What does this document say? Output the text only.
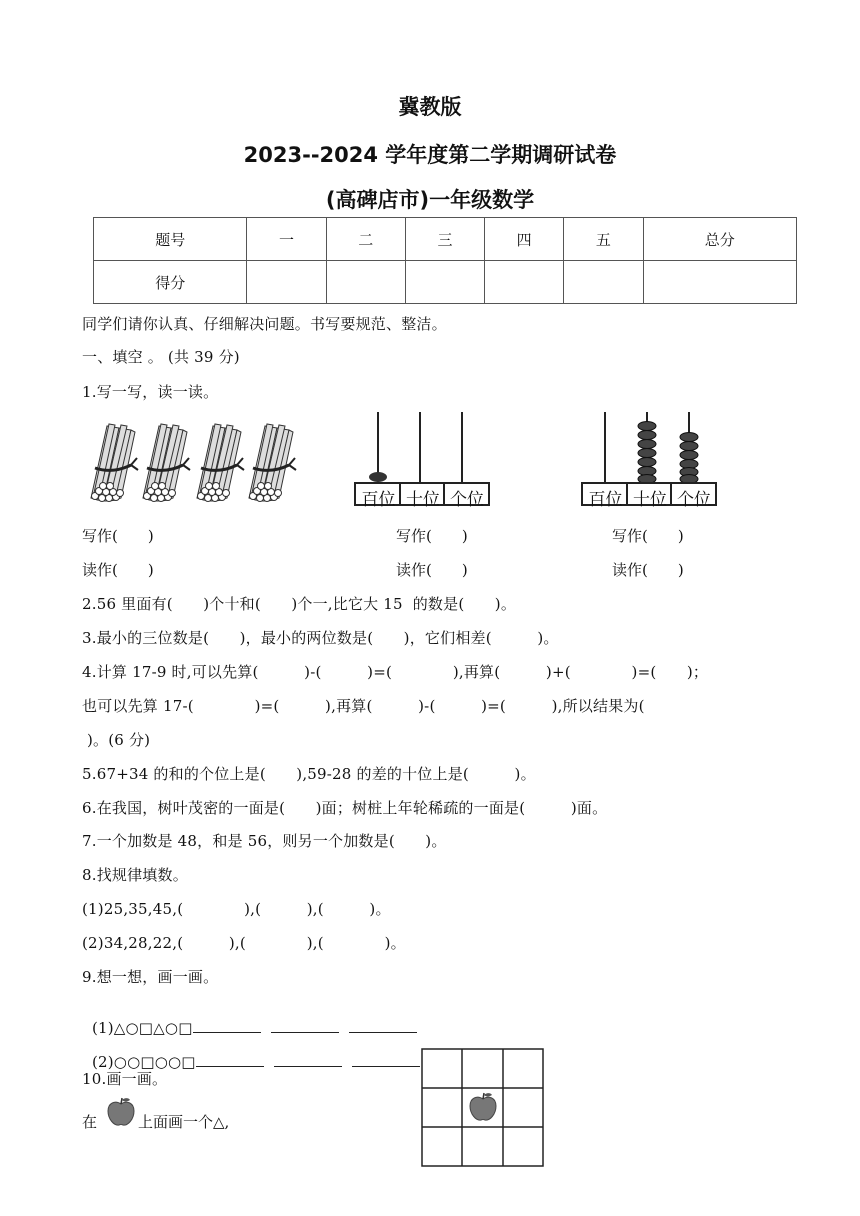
冀教版
2023--2024 学年度第二学期调研试卷
(高碑店市)一年级数学
题号	一	二	三	四	五	总分
得分						
同学们请你认真、仔细解决问题。书写要规范、整洁。
一、填空 。 (共 39 分)
1.写一写，读一读。
百位 十位 个位	百位 十位 个位
写作(　　)	写作(　　)	写作(　　)
读作(　　)	读作(　　)	读作(　　)
2.56 里面有(　　)个十和(　　)个一,比它大 15  的数是(　　)。
3.最小的三位数是(　　)，最小的两位数是(　　)，它们相差(　　　)。
4.计算 17-9 时,可以先算(　　　)-(　　　)=(　　　　),再算(　　　)+(　　　　)=(　　)；
也可以先算 17-(　　　　)=(　　　),再算(　　　)-(　　　)=(　　　),所以结果为(
)。(6 分)
5.67+34 的和的个位上是(　　),59-28 的差的十位上是(　　　)。
6.在我国，树叶茂密的一面是(　　)面；树桩上年轮稀疏的一面是(　　　)面。
7.一个加数是 48，和是 56，则另一个加数是(　　)。
8.找规律填数。
(1)25,35,45,(　　　　),(　　　),(　　　)。
(2)34,28,22,(　　　),(　　　　),(　　　　)。
9.想一想，画一画。

(1)△○□△○□

(2)○○□○○□

10.画一画。
在	上面画一个△,
